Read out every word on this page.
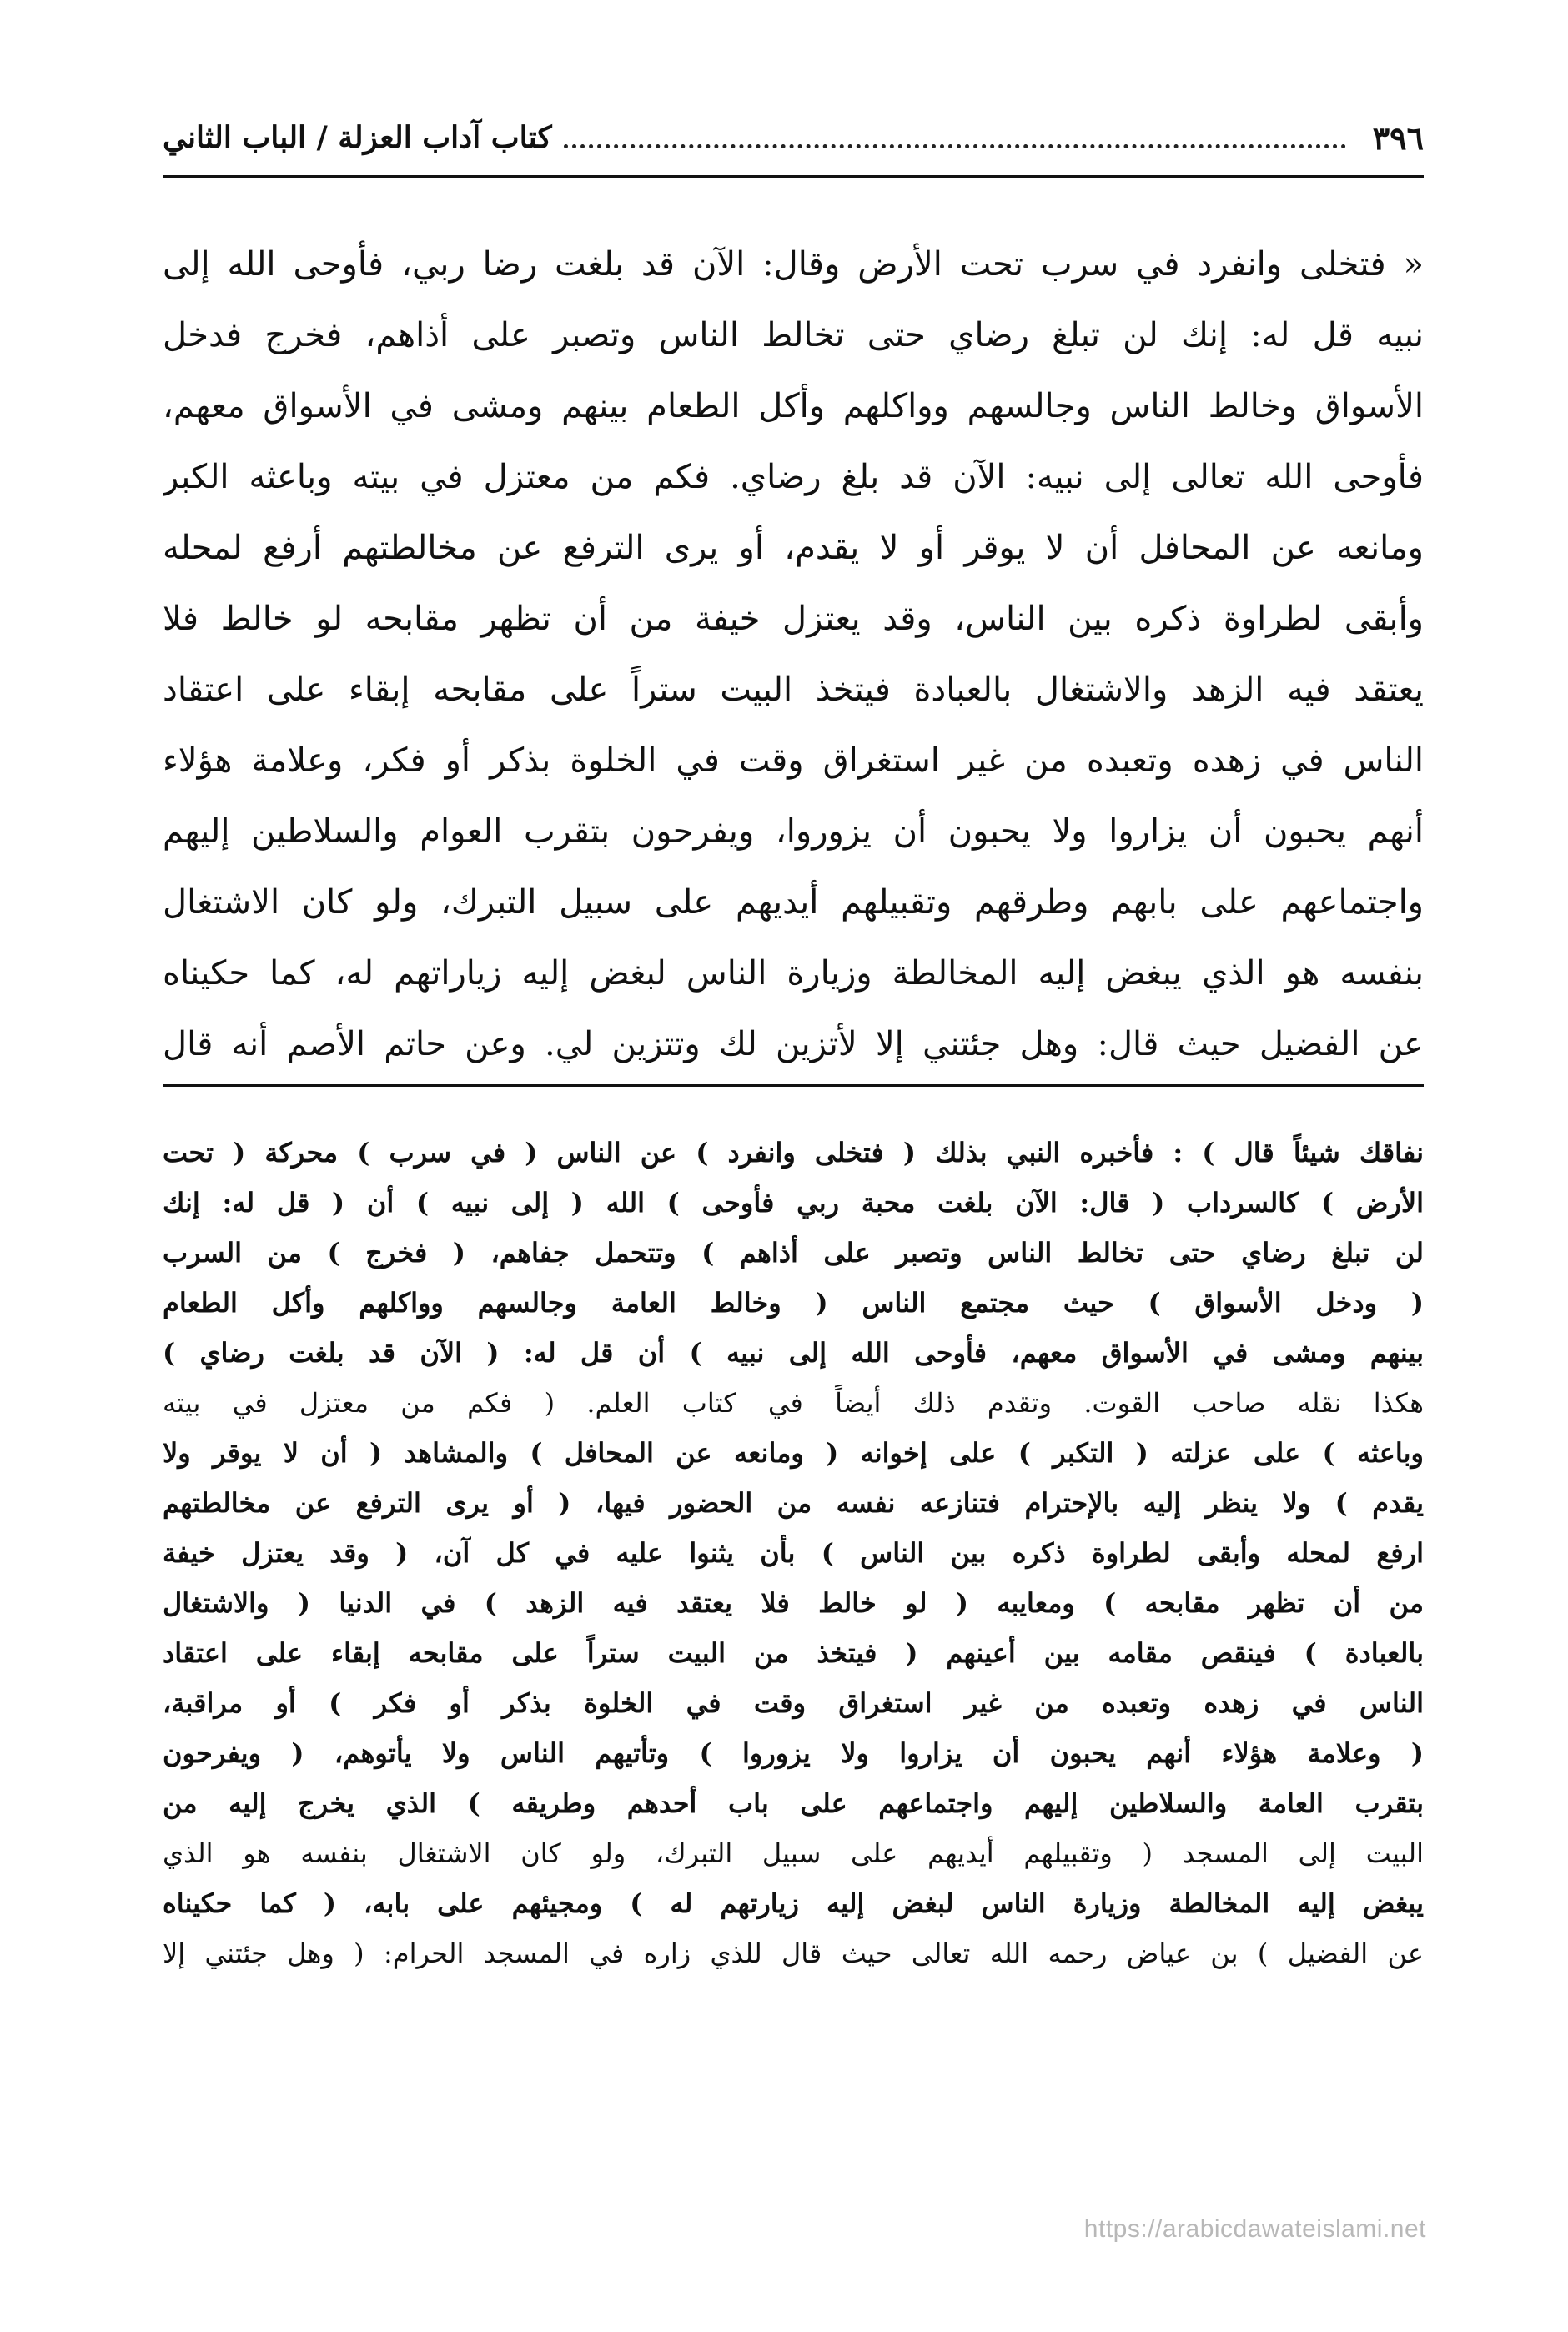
٣٩٦
كتاب آداب العزلة / الباب الثاني
« فتخلى وانفرد في سرب تحت الأرض وقال: الآن قد بلغت رضا ربي، فأوحى الله إلى
نبيه قل له: إنك لن تبلغ رضاي حتى تخالط الناس وتصبر على أذاهم، فخرج فدخل
الأسواق وخالط الناس وجالسهم وواكلهم وأكل الطعام بينهم ومشى في الأسواق معهم،
فأوحى الله تعالى إلى نبيه: الآن قد بلغ رضاي. فكم من معتزل في بيته وباعثه الكبر
ومانعه عن المحافل أن لا يوقر أو لا يقدم، أو يرى الترفع عن مخالطتهم أرفع لمحله
وأبقى لطراوة ذكره بين الناس، وقد يعتزل خيفة من أن تظهر مقابحه لو خالط فلا
يعتقد فيه الزهد والاشتغال بالعبادة فيتخذ البيت ستراً على مقابحه إبقاء على اعتقاد
الناس في زهده وتعبده من غير استغراق وقت في الخلوة بذكر أو فكر، وعلامة هؤلاء
أنهم يحبون أن يزاروا ولا يحبون أن يزوروا، ويفرحون بتقرب العوام والسلاطين إليهم
واجتماعهم على بابهم وطرقهم وتقبيلهم أيديهم على سبيل التبرك، ولو كان الاشتغال
بنفسه هو الذي يبغض إليه المخالطة وزيارة الناس لبغض إليه زياراتهم له، كما حكيناه
عن الفضيل حيث قال: وهل جئتني إلا لأتزين لك وتتزين لي. وعن حاتم الأصم أنه قال
نفاقك شيئاً قال ) : فأخبره النبي بذلك ( فتخلى وانفرد ) عن الناس ( في سرب ) محركة ( تحت
الأرض ) كالسرداب ( قال: الآن بلغت محبة ربي فأوحى ) الله ( إلى نبيه ) أن ( قل له: إنك
لن تبلغ رضاي حتى تخالط الناس وتصبر على أذاهم ) وتتحمل جفاهم، ( فخرج ) من السرب
( ودخل الأسواق ) حيث مجتمع الناس ( وخالط العامة وجالسهم وواكلهم وأكل الطعام
بينهم ومشى في الأسواق معهم، فأوحى الله إلى نبيه ) أن قل له: ( الآن قد بلغت رضاي )
هكذا نقله صاحب القوت. وتقدم ذلك أيضاً في كتاب العلم. ( فكم من معتزل في بيته
وباعثه ) على عزلته ( التكبر ) على إخوانه ( ومانعه عن المحافل ) والمشاهد ( أن لا يوقر ولا
يقدم ) ولا ينظر إليه بالإحترام فتنازعه نفسه من الحضور فيها، ( أو يرى الترفع عن مخالطتهم
ارفع لمحله وأبقى لطراوة ذكره بين الناس ) بأن يثنوا عليه في كل آن، ( وقد يعتزل خيفة
من أن تظهر مقابحه ) ومعايبه ( لو خالط فلا يعتقد فيه الزهد ) في الدنيا ( والاشتغال
بالعبادة ) فينقص مقامه بين أعينهم ( فيتخذ من البيت ستراً على مقابحه إبقاء على اعتقاد
الناس في زهده وتعبده من غير استغراق وقت في الخلوة بذكر أو فكر ) أو مراقبة،
( وعلامة هؤلاء أنهم يحبون أن يزاروا ولا يزوروا ) وتأتيهم الناس ولا يأتوهم، ( ويفرحون
بتقرب العامة والسلاطين إليهم واجتماعهم على باب أحدهم وطريقه ) الذي يخرج إليه من
البيت إلى المسجد ( وتقبيلهم أيديهم على سبيل التبرك، ولو كان الاشتغال بنفسه هو الذي
يبغض إليه المخالطة وزيارة الناس لبغض إليه زيارتهم له ) ومجيئهم على بابه، ( كما حكيناه
عن الفضيل ) بن عياض رحمه الله تعالى حيث قال للذي زاره في المسجد الحرام: ( وهل جئتني إلا
https://arabicdawateislami.net
